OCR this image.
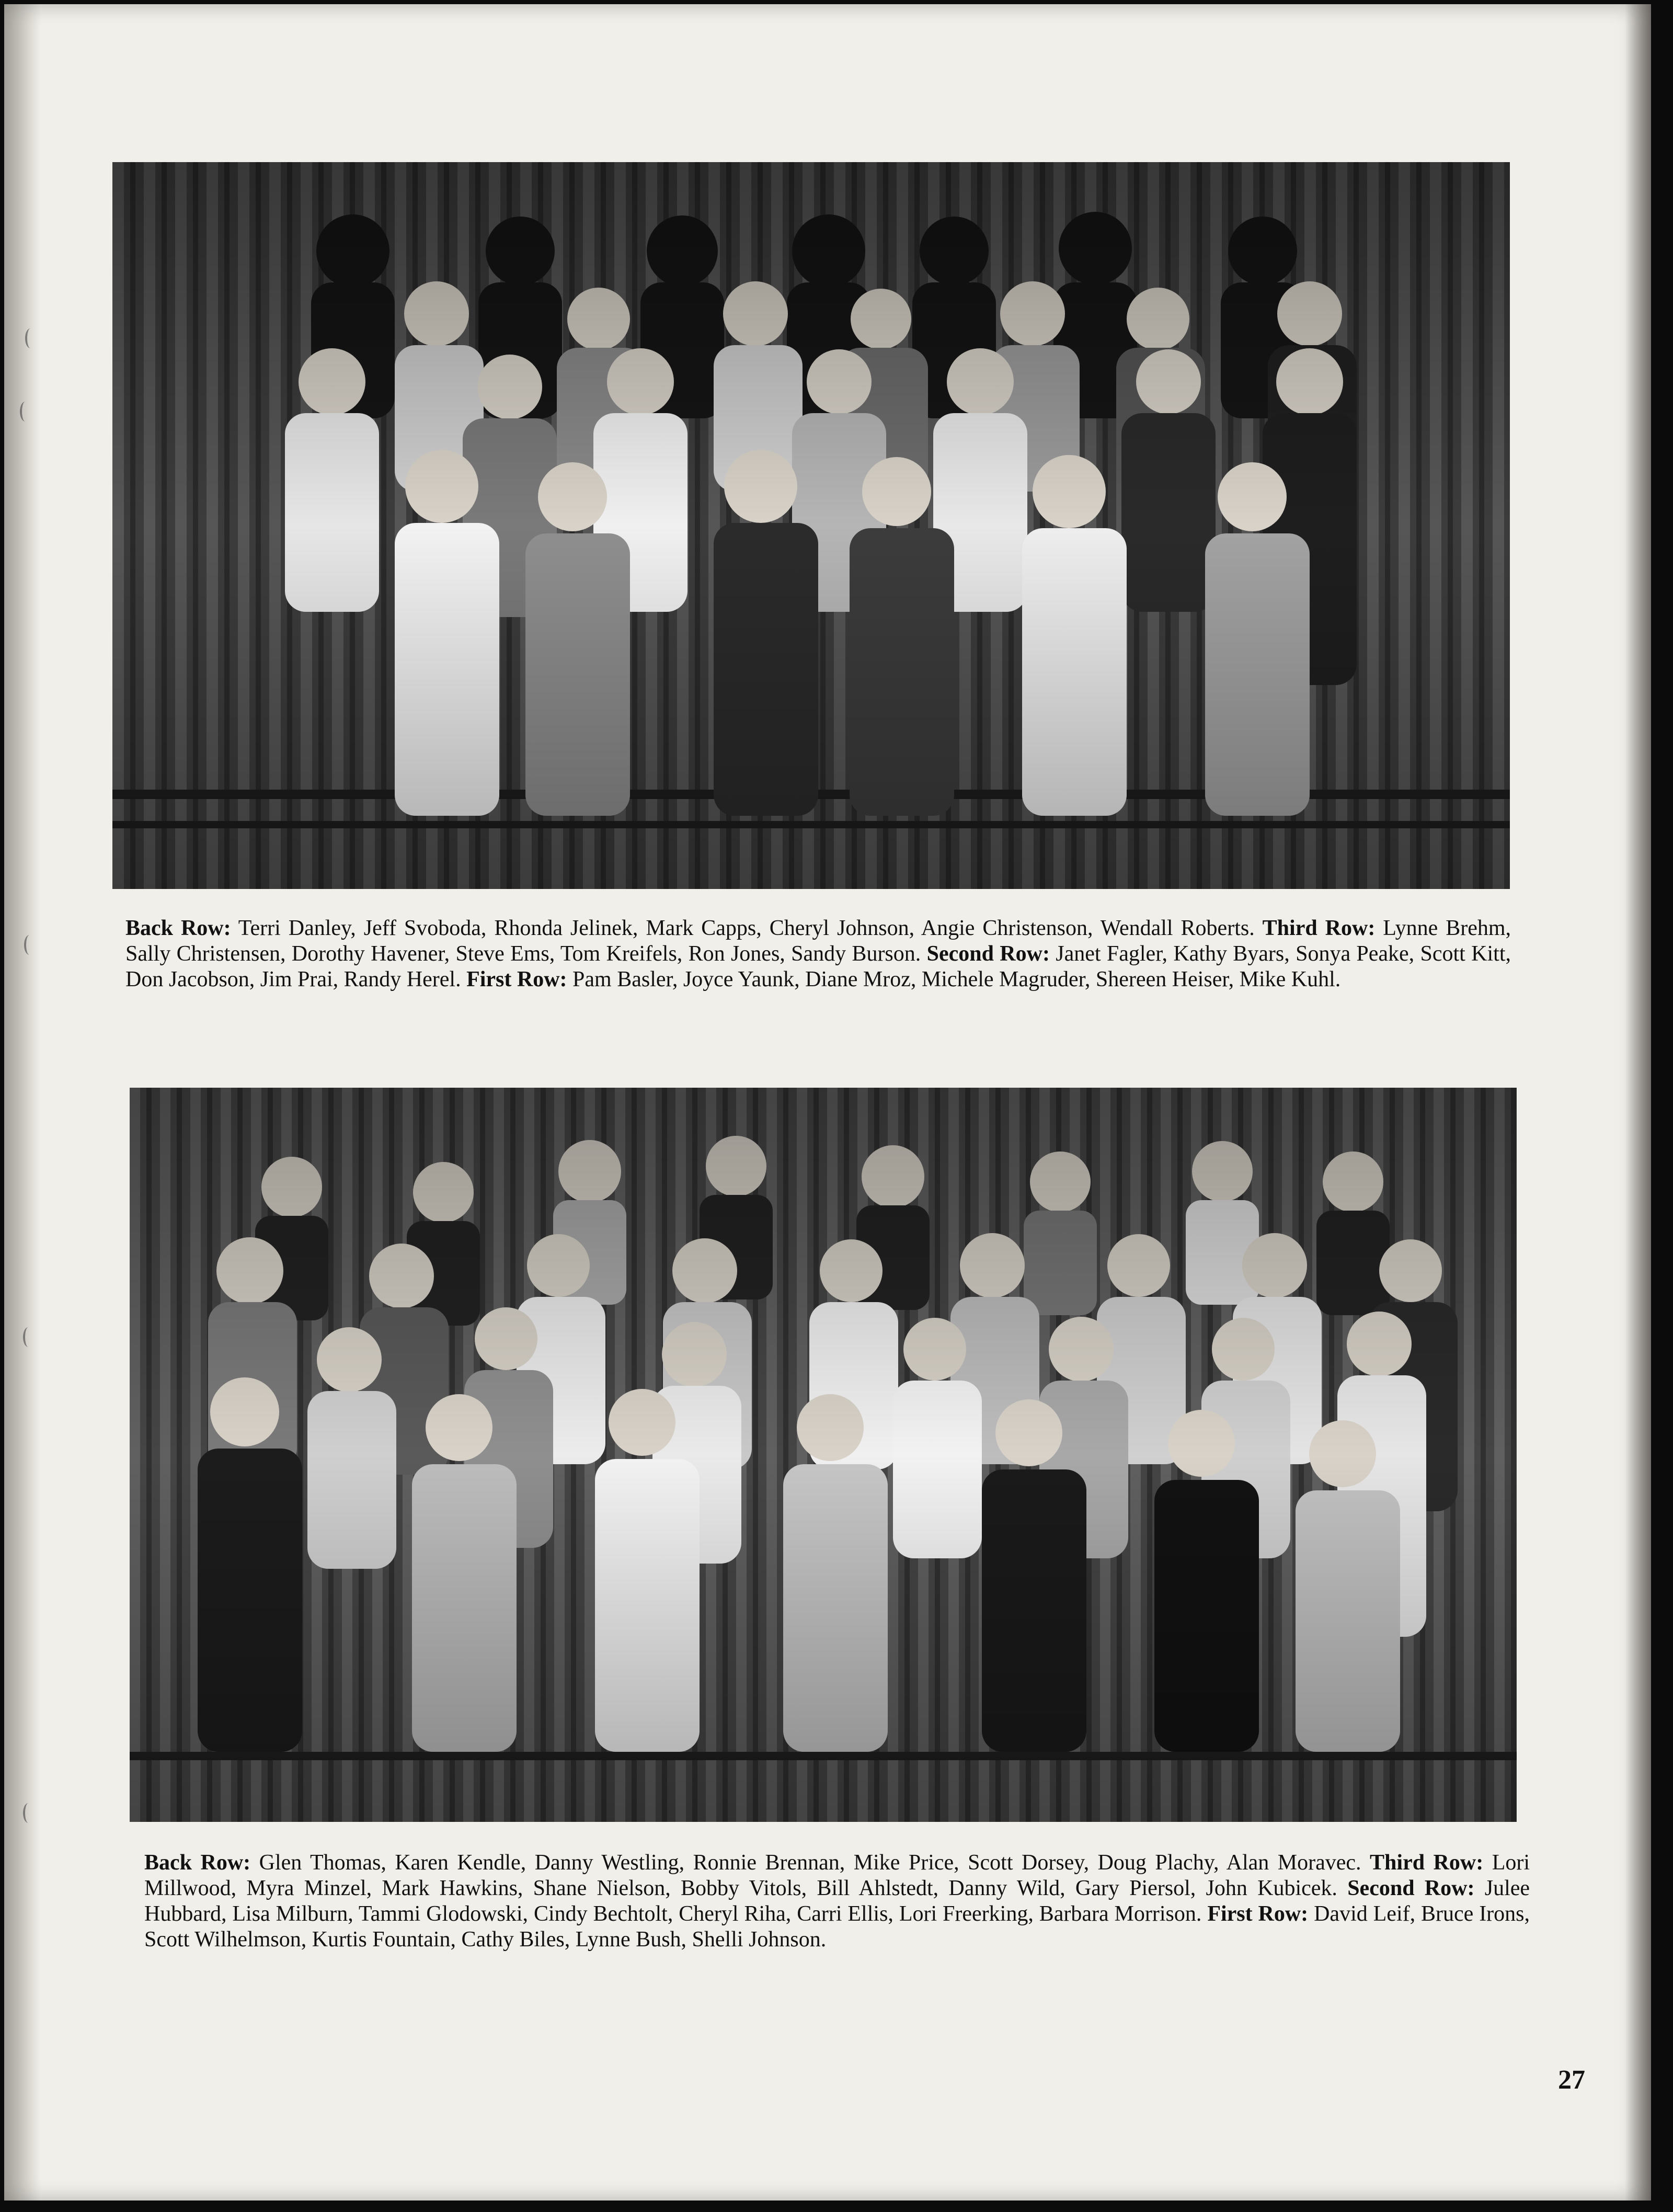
Back Row: Terri Danley, Jeff Svoboda, Rhonda Jelinek, Mark Capps, Cheryl Johnson, Angie Christenson, Wendall Roberts. Third Row: Lynne Brehm, Sally Christensen, Dorothy Havener, Steve Ems, Tom Kreifels, Ron Jones, Sandy Burson. Second Row: Janet Fagler, Kathy Byars, Sonya Peake, Scott Kitt, Don Jacobson, Jim Prai, Randy Herel. First Row: Pam Basler, Joyce Yaunk, Diane Mroz, Michele Magruder, Shereen Heiser, Mike Kuhl.
Back Row: Glen Thomas, Karen Kendle, Danny Westling, Ronnie Brennan, Mike Price, Scott Dorsey, Doug Plachy, Alan Moravec. Third Row: Lori Millwood, Myra Minzel, Mark Hawkins, Shane Nielson, Bobby Vitols, Bill Ahlstedt, Danny Wild, Gary Piersol, John Kubicek. Second Row: Julee Hubbard, Lisa Milburn, Tammi Glodowski, Cindy Bechtolt, Cheryl Riha, Carri Ellis, Lori Freerking, Barbara Morrison. First Row: David Leif, Bruce Irons, Scott Wilhelmson, Kurtis Fountain, Cathy Biles, Lynne Bush, Shelli Johnson.
27
